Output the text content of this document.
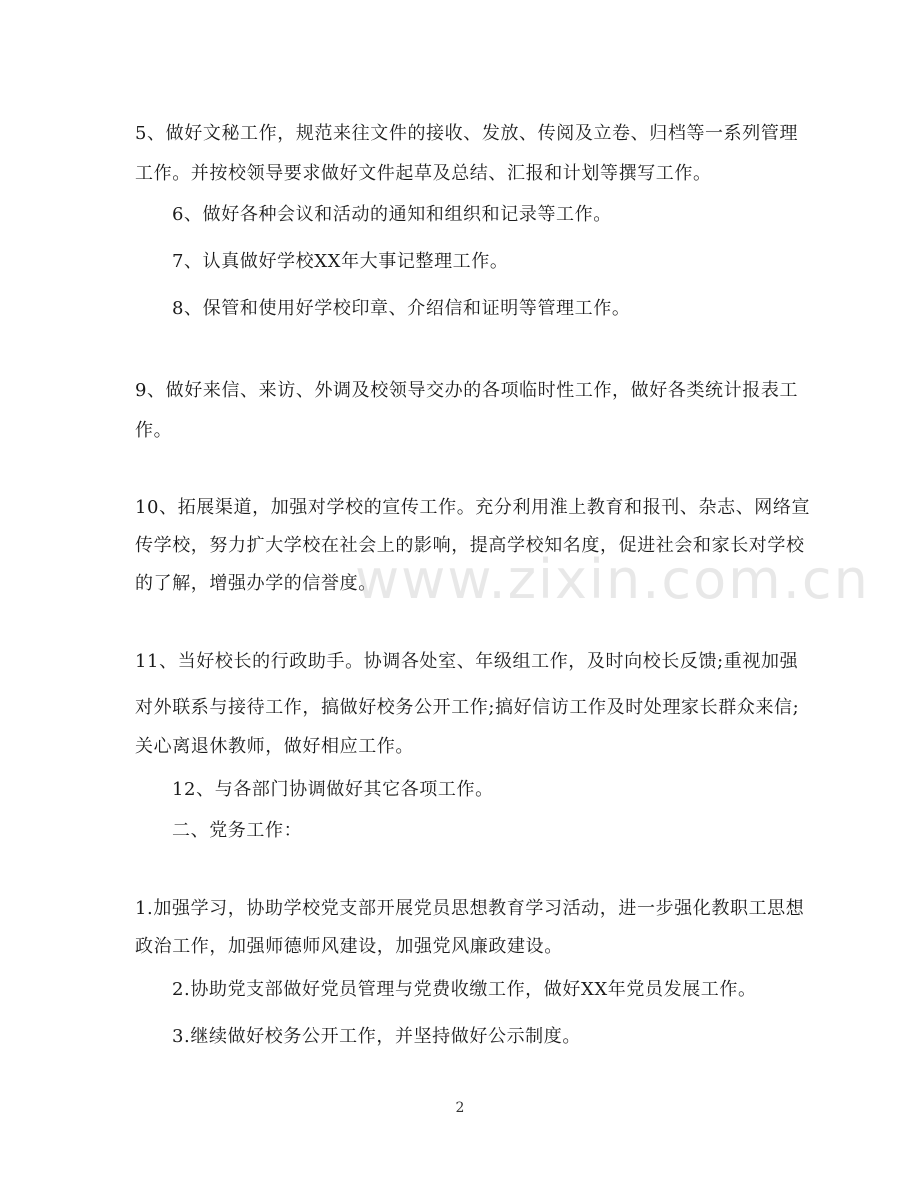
5、做好文秘工作，规范来往文件的接收、发放、传阅及立卷、归档等一系列管理
工作。并按校领导要求做好文件起草及总结、汇报和计划等撰写工作。
6、做好各种会议和活动的通知和组织和记录等工作。
7、认真做好学校XX年大事记整理工作。
8、保管和使用好学校印章、介绍信和证明等管理工作。
9、做好来信、来访、外调及校领导交办的各项临时性工作，做好各类统计报表工
作。
10、拓展渠道，加强对学校的宣传工作。充分利用淮上教育和报刊、杂志、网络宣
传学校，努力扩大学校在社会上的影响，提高学校知名度，促进社会和家长对学校
的了解，增强办学的信誉度。
11、当好校长的行政助手。协调各处室、年级组工作，及时向校长反馈;重视加强
对外联系与接待工作，搞做好校务公开工作;搞好信访工作及时处理家长群众来信;
关心离退休教师，做好相应工作。
12、与各部门协调做好其它各项工作。
二、党务工作：
1.加强学习，协助学校党支部开展党员思想教育学习活动，进一步强化教职工思想
政治工作，加强师德师风建设，加强党风廉政建设。
2.协助党支部做好党员管理与党费收缴工作，做好XX年党员发展工作。
3.继续做好校务公开工作，并坚持做好公示制度。
www.zixin.com.cn
2
